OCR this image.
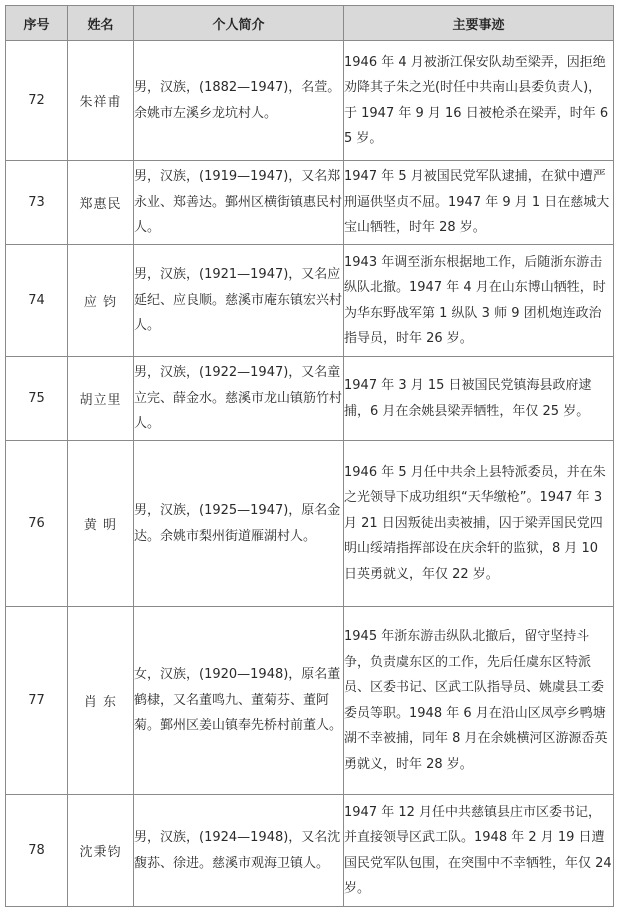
序号	姓名	个人简介	主要事迹
72	朱祥甫	男，汉族，(1882—1947)，名萱。余姚市左溪乡龙坑村人。	1946 年 4 月被浙江保安队劫至梁弄，因拒绝劝降其子朱之光(时任中共南山县委负责人)，于 1947 年 9 月 16 日被枪杀在梁弄，时年 65 岁。
73	郑惠民	男，汉族，(1919—1947)，又名郑永业、郑善达。鄞州区横街镇惠民村人。	1947 年 5 月被国民党军队逮捕，在狱中遭严刑逼供坚贞不屈。1947 年 9 月 1 日在慈城大宝山牺牲，时年 28 岁。
74	应 钧	男，汉族，(1921—1947)，又名应延纪、应良顺。慈溪市庵东镇宏兴村人。	1943 年调至浙东根据地工作，后随浙东游击纵队北撤。1947 年 4 月在山东博山牺牲，时为华东野战军第 1 纵队 3 师 9 团机炮连政治指导员，时年 26 岁。
75	胡立里	男，汉族，(1922—1947)，又名童立完、薛金水。慈溪市龙山镇筋竹村人。	1947 年 3 月 15 日被国民党镇海县政府逮捕，6 月在余姚县梁弄牺牲，年仅 25 岁。
76	黄 明	男，汉族，(1925—1947)，原名金达。余姚市梨州街道雁湖村人。	1946 年 5 月任中共余上县特派委员，并在朱之光领导下成功组织“天华缴枪”。1947 年 3 月 21 日因叛徒出卖被捕，囚于梁弄国民党四明山绥靖指挥部设在庆余轩的监狱，8 月 10 日英勇就义，年仅 22 岁。
77	肖 东	女，汉族，(1920—1948)，原名董鹤棣，又名董鸣九、董菊芬、董阿菊。鄞州区姜山镇奉先桥村前董人。	1945 年浙东游击纵队北撤后，留守坚持斗争，负责虞东区的工作，先后任虞东区特派员、区委书记、区武工队指导员、姚虞县工委委员等职。1948 年 6 月在沿山区凤亭乡鸭塘湖不幸被捕，同年 8 月在余姚横河区游源岙英勇就义，时年 28 岁。
78	沈秉钧	男，汉族，(1924—1948)，又名沈馥荪、徐进。慈溪市观海卫镇人。	1947 年 12 月任中共慈镇县庄市区委书记，并直接领导区武工队。1948 年 2 月 19 日遭国民党军队包围，在突围中不幸牺牲，年仅 24 岁。
